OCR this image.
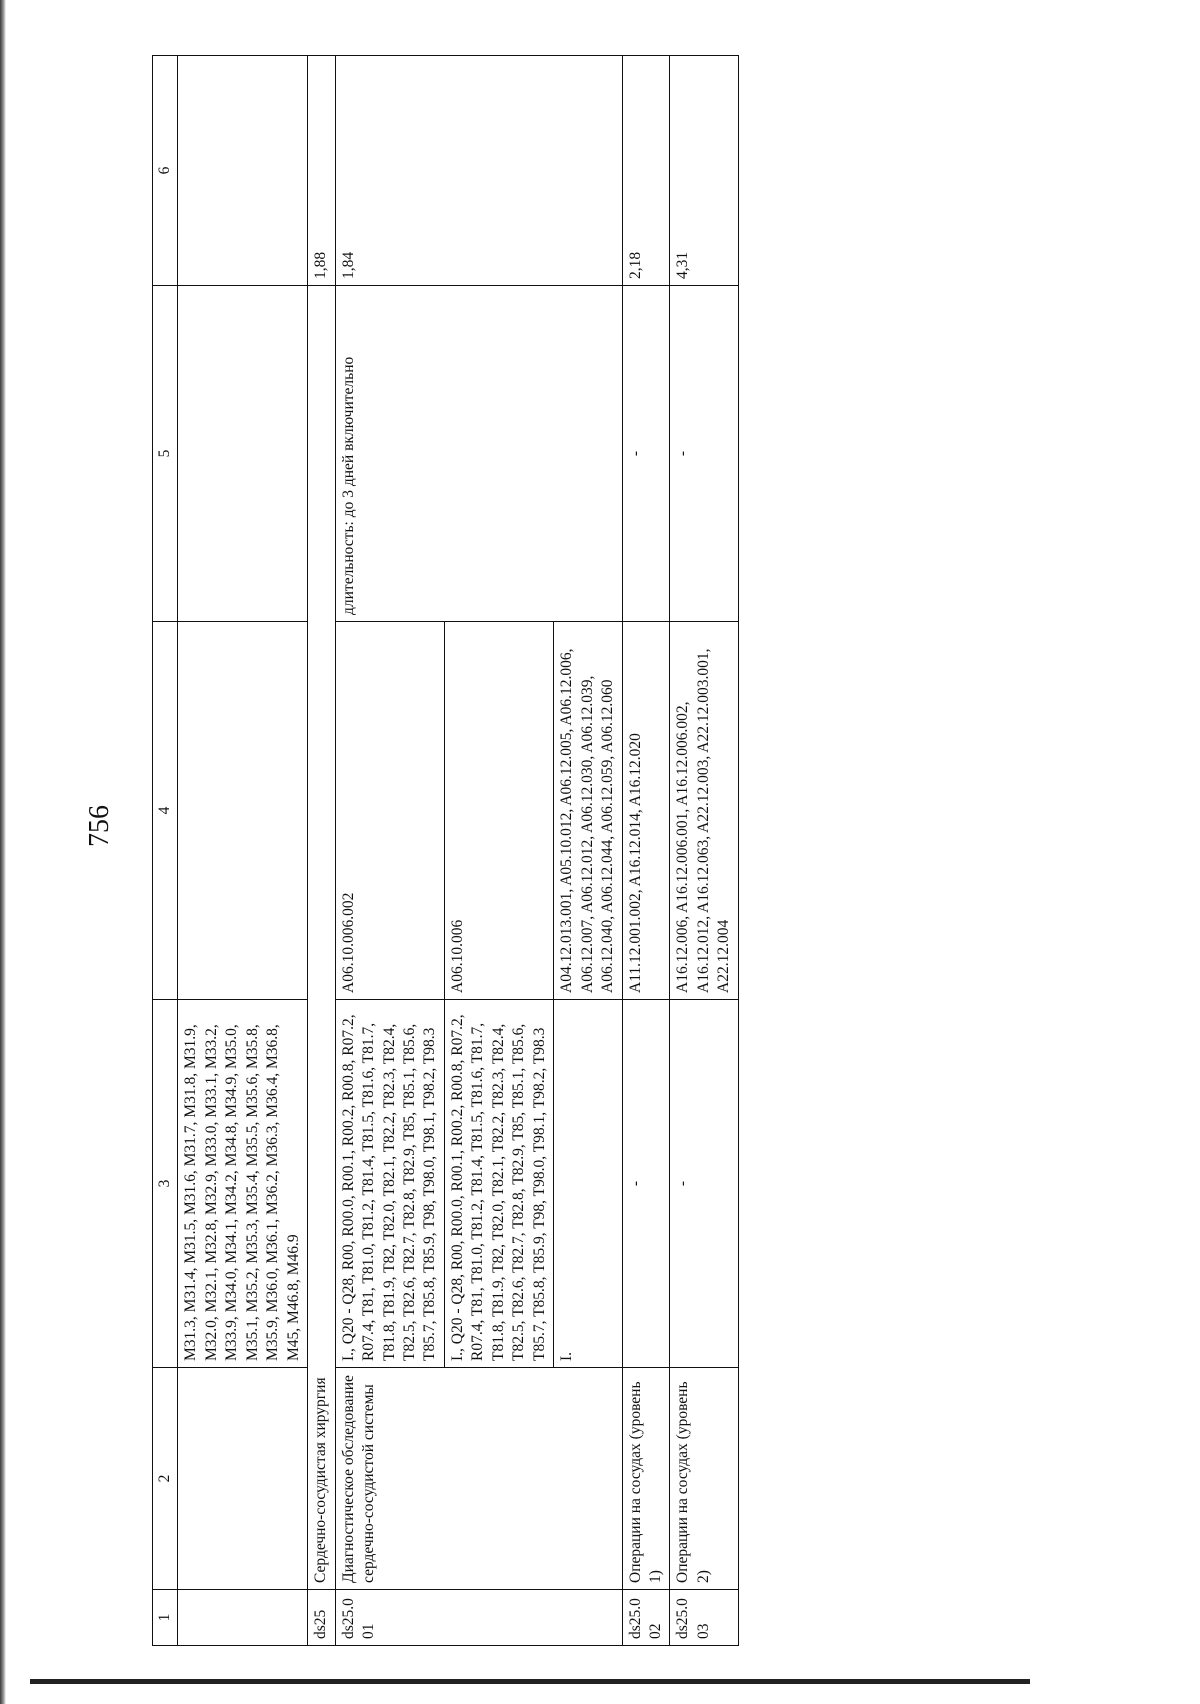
756
1	2	3	4	5	6
		M31.3, M31.4, M31.5, M31.6, M31.7, M31.8, M31.9, M32.0, M32.1, M32.8, M32.9, M33.0, M33.1, M33.2, M33.9, M34.0, M34.1, M34.2, M34.8, M34.9, M35.0, M35.1, M35.2, M35.3, M35.4, M35.5, M35.6, M35.8, M35.9, M36.0, M36.1, M36.2, M36.3, M36.4, M36.8, M45, M46.8, M46.9			
ds25	Сердечно-сосудистая хирургия				1,88
ds25.001	Диагностическое обследование сердечно-сосудистой системы	I., Q20 - Q28, R00, R00.0, R00.1, R00.2, R00.8, R07.2, R07.4, T81, T81.0, T81.2, T81.4, T81.5, T81.6, T81.7, T81.8, T81.9, T82, T82.0, T82.1, T82.2, T82.3, T82.4, T82.5, T82.6, T82.7, T82.8, T82.9, T85, T85.1, T85.6, T85.7, T85.8, T85.9, T98, T98.0, T98.1, T98.2, T98.3	A06.10.006.002	длительность: до 3 дней включительно	1,84
		I., Q20 - Q28, R00, R00.0, R00.1, R00.2, R00.8, R07.2, R07.4, T81, T81.0, T81.2, T81.4, T81.5, T81.6, T81.7, T81.8, T81.9, T82, T82.0, T82.1, T82.2, T82.3, T82.4, T82.5, T82.6, T82.7, T82.8, T82.9, T85, T85.1, T85.6, T85.7, T85.8, T85.9, T98, T98.0, T98.1, T98.2, T98.3	A06.10.006		
		I.	A04.12.013.001, A05.10.012, A06.12.005, A06.12.006, A06.12.007, A06.12.012, A06.12.030, A06.12.039, A06.12.040, A06.12.044, A06.12.059, A06.12.060		
ds25.002	Операции на сосудах (уровень 1)	-	A11.12.001.002, A16.12.014, A16.12.020	-	2,18
ds25.003	Операции на сосудах (уровень 2)	-	A16.12.006, A16.12.006.001, A16.12.006.002, A16.12.012, A16.12.063, A22.12.003, A22.12.003.001, A22.12.004	-	4,31
